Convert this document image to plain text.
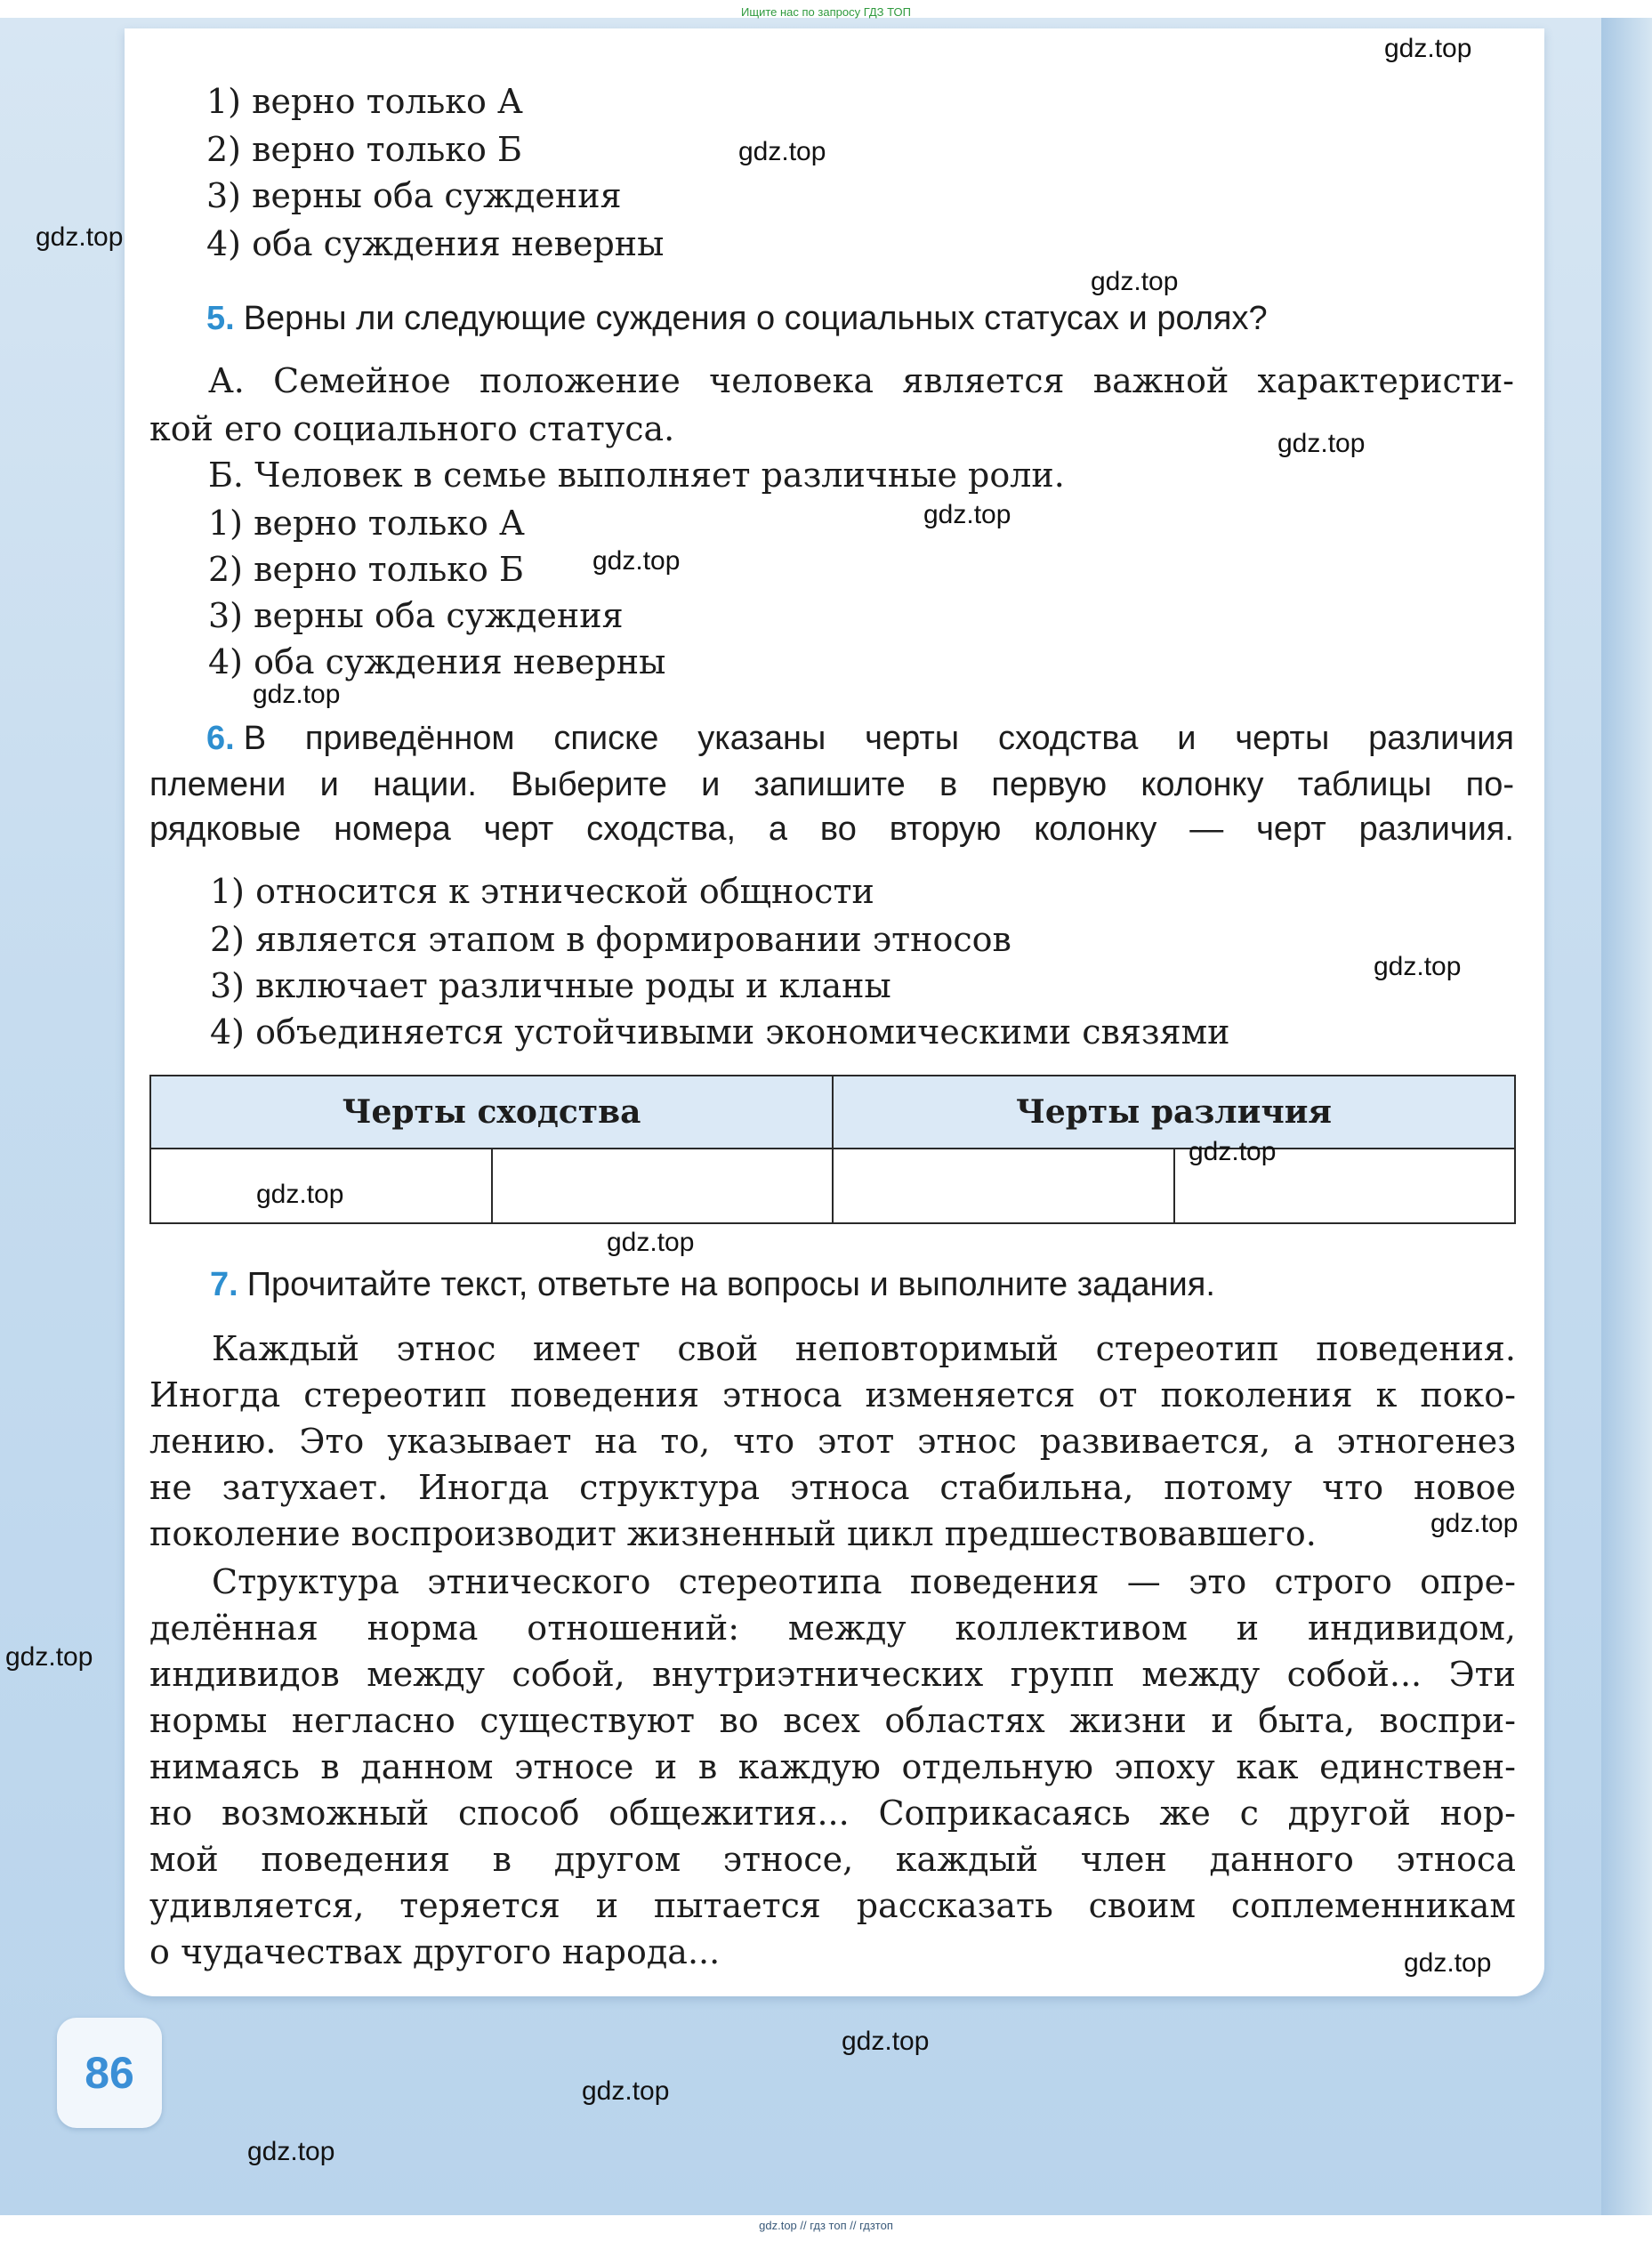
Ищите нас по запросу ГДЗ ТОП
1) верно только А
2) верно только Б
3) верны оба суждения
4) оба суждения неверны
5. Верны ли следующие суждения о социальных статусах и ролях?
А. Семейное положение человека является важной характеристи-
кой его социального статуса.
Б. Человек в семье выполняет различные роли.
1) верно только А
2) верно только Б
3) верны оба суждения
4) оба суждения неверны
6. В приведённом списке указаны черты сходства и черты различия
племени и нации. Выберите и запишите в первую колонку таблицы по-
рядковые номера черт сходства, а во вторую колонку — черт различия.
1) относится к этнической общности
2) является этапом в формировании этносов
3) включает различные роды и кланы
4) объединяется устойчивыми экономическими связями
Черты сходства		Черты различия	

7. Прочитайте текст, ответьте на вопросы и выполните задания.
Каждый этнос имеет свой неповторимый стереотип поведения.
Иногда стереотип поведения этноса изменяется от поколения к поко-
лению. Это указывает на то, что этот этнос развивается, а этногенез
не затухает. Иногда структура этноса стабильна, потому что новое
поколение воспроизводит жизненный цикл предшествовавшего.
Структура этнического стереотипа поведения — это строго опре-
делённая норма отношений: между коллективом и индивидом,
индивидов между собой, внутриэтнических групп между собой... Эти
нормы негласно существуют во всех областях жизни и быта, воспри-
нимаясь в данном этносе и в каждую отдельную эпоху как единствен-
но возможный способ общежития... Соприкасаясь же с другой нор-
мой поведения в другом этносе, каждый член данного этноса
удивляется, теряется и пытается рассказать своим соплеменникам
о чудачествах другого народа...
86
gdz.top
gdz.top
gdz.top
gdz.top
gdz.top
gdz.top
gdz.top
gdz.top
gdz.top
gdz.top
gdz.top
gdz.top
gdz.top
gdz.top
gdz.top
gdz.top
gdz.top
gdz.top
gdz.top // гдз топ // гдзтоп
